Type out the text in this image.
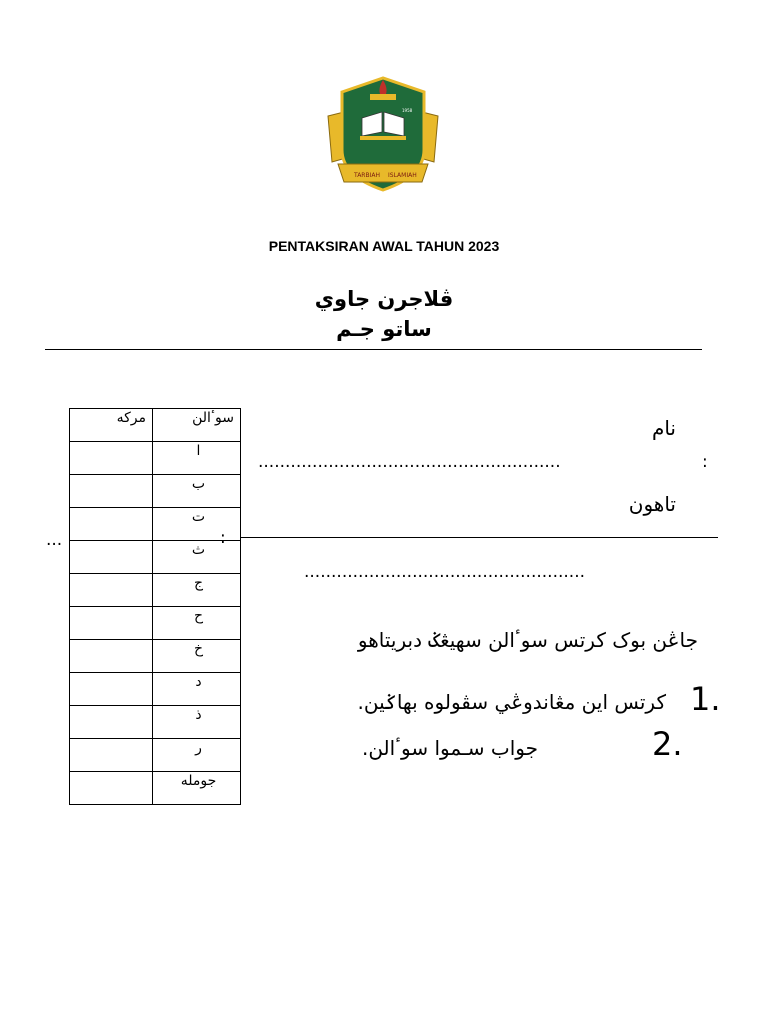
TARBIAH ISLAMIAH
1958
PENTAKSIRAN AWAL TAHUN 2023
ڤلاجرن جاوي
ساتو جـم
مركه	سوٴالن

	ا

	ب

	ت

	ث

	ج

	ح

	خ

	د

	ذ

	ر

	جومله
نام
........................................................	:
تاهون
:
...
....................................................
جاڠن بوک کرتس سوٴالن سهيڠݢ دبريتاهو
1.
کرتس اين مڠاندوڠي سڤولوه بهاݢين.
2.
جواب سـموا سوٴالن.
